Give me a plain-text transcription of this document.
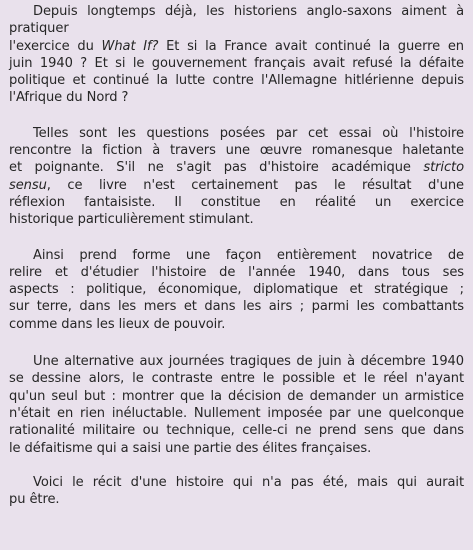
Depuis longtemps déjà, les historiens anglo-saxons aiment à pratiquer
l'exercice du What If? Et si la France avait continué la guerre en
juin 1940 ? Et si le gouvernement français avait refusé la défaite
politique et continué la lutte contre l'Allemagne hitlérienne depuis
l'Afrique du Nord ?
Telles sont les questions posées par cet essai où l'histoire
rencontre la fiction à travers une œuvre romanesque haletante
et poignante. S'il ne s'agit pas d'histoire académique stricto
sensu, ce livre n'est certainement pas le résultat d'une
réflexion fantaisiste. Il constitue en réalité un exercice
historique particulièrement stimulant.
Ainsi prend forme une façon entièrement novatrice de
relire et d'étudier l'histoire de l'année 1940, dans tous ses
aspects : politique, économique, diplomatique et stratégique ;
sur terre, dans les mers et dans les airs ; parmi les combattants
comme dans les lieux de pouvoir.
Une alternative aux journées tragiques de juin à décembre 1940
se dessine alors, le contraste entre le possible et le réel n'ayant
qu'un seul but : montrer que la décision de demander un armistice
n'était en rien inéluctable. Nullement imposée par une quelconque
rationalité militaire ou technique, celle-ci ne prend sens que dans
le défaitisme qui a saisi une partie des élites françaises.
Voici le récit d'une histoire qui n'a pas été, mais qui aurait
pu être.
